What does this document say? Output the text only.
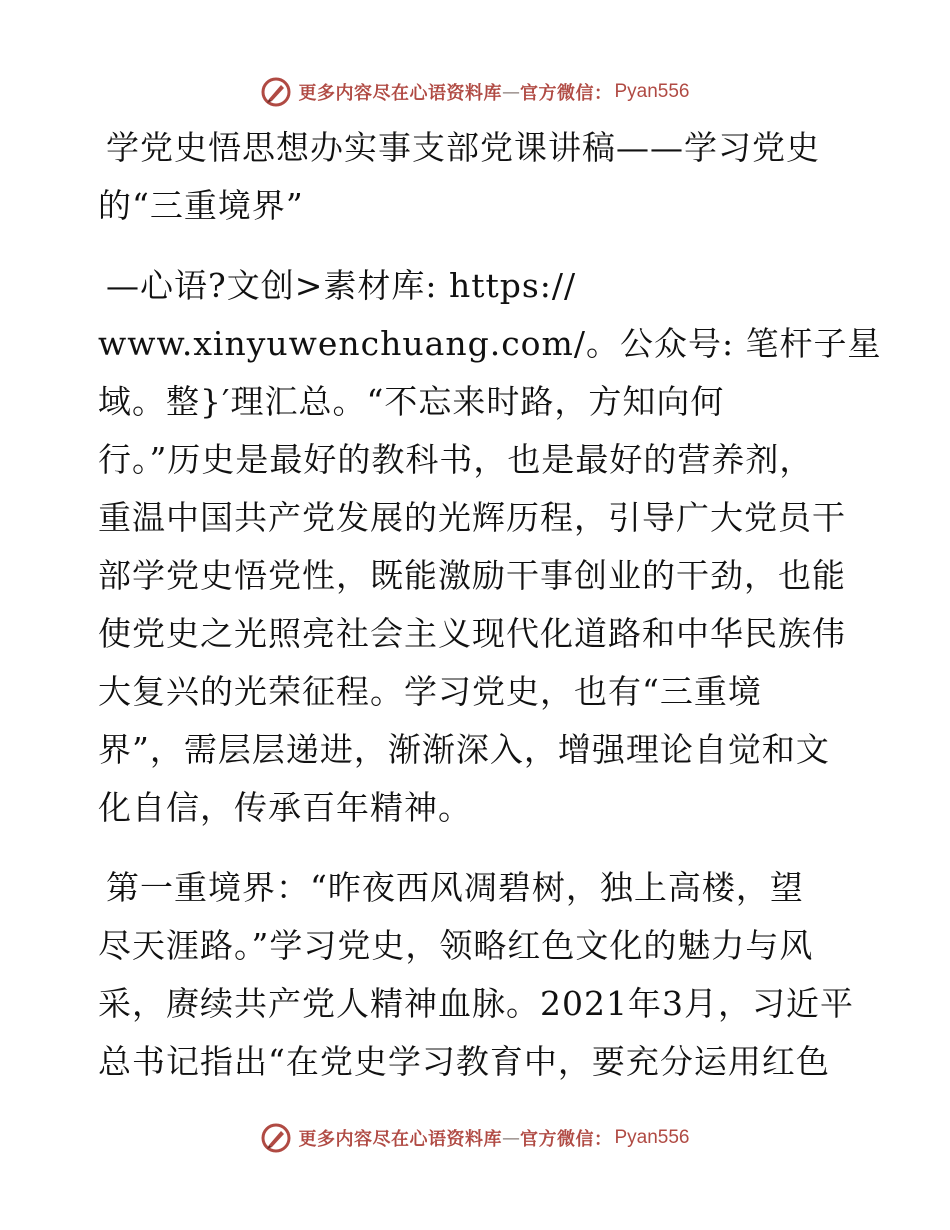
更多内容尽在心语资料库 — 官方微信： Pyan556
学党史悟思想办实事支部党课讲稿——学习党史
的“三重境界”
—心语?文创>素材库: https://
www.xinyuwenchuang.com/。公众号: 笔杆子星
域。整}′理汇总。“不忘来时路，方知向何
行。”历史是最好的教科书，也是最好的营养剂，
重温中国共产党发展的光辉历程，引导广大党员干
部学党史悟党性，既能激励干事创业的干劲，也能
使党史之光照亮社会主义现代化道路和中华民族伟
大复兴的光荣征程。学习党史，也有“三重境
界”，需层层递进，渐渐深入，增强理论自觉和文
化自信，传承百年精神。
第一重境界：“昨夜西风凋碧树，独上高楼，望
尽天涯路。”学习党史，领略红色文化的魅力与风
采，赓续共产党人精神血脉。2021年3月，习近平
总书记指出“在党史学习教育中，要充分运用红色
更多内容尽在心语资料库 — 官方微信： Pyan556
